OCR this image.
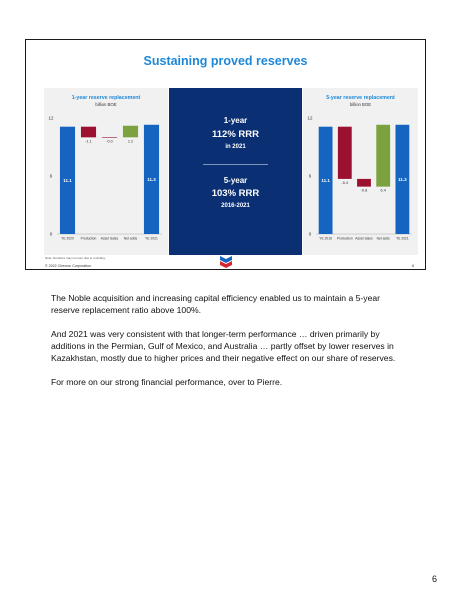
Sustaining proved reserves
1-year reserve replacement
billion BOE
0
6
12
11.1
YE 2020
-1.1
Production
-0.0
Asset Sales
1.2
Net adds
11.3
YE 2021
1-year
112% RRR
in 2021
5-year
103% RRR
2016-2021
5-year reserve replacement
billion BOE
0
6
12
11.1
YE 2016
-5.4
Production
-0.8
Asset Sales
6.4
Net adds
11.3
YE 2021
Note: Numbers may not sum due to rounding.
© 2022 Chevron Corporation	6

The Noble acquisition and increasing capital efficiency enabled us to maintain a 5-year reserve replacement ratio above 100%.

And 2021 was very consistent with that longer-term performance … driven primarily by additions in the Permian, Gulf of Mexico, and Australia … partly offset by lower reserves in Kazakhstan, mostly due to higher prices and their negative effect on our share of reserves.

For more on our strong financial performance, over to Pierre.

6
